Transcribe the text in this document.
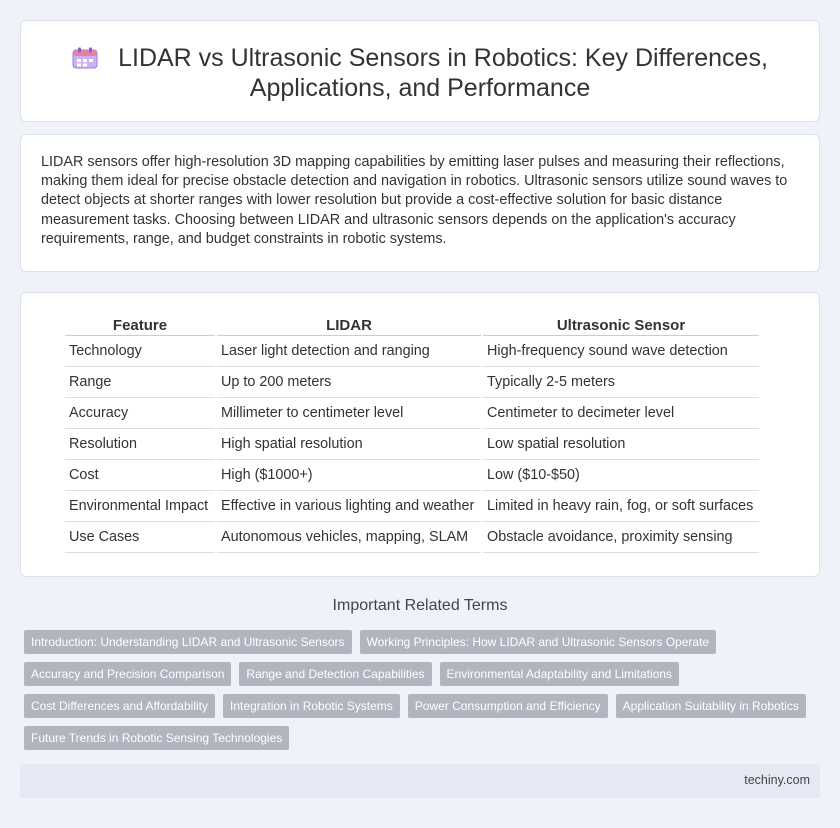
LIDAR vs Ultrasonic Sensors in Robotics: Key Differences, Applications, and Performance

LIDAR sensors offer high-resolution 3D mapping capabilities by emitting laser pulses and measuring their reflections, making them ideal for precise obstacle detection and navigation in robotics. Ultrasonic sensors utilize sound waves to detect objects at shorter ranges with lower resolution but provide a cost-effective solution for basic distance measurement tasks. Choosing between LIDAR and ultrasonic sensors depends on the application's accuracy requirements, range, and budget constraints in robotic systems.

Feature	LIDAR	Ultrasonic Sensor
Technology	Laser light detection and ranging	High-frequency sound wave detection
Range	Up to 200 meters	Typically 2-5 meters
Accuracy	Millimeter to centimeter level	Centimeter to decimeter level
Resolution	High spatial resolution	Low spatial resolution
Cost	High ($1000+)	Low ($10-$50)
Environmental Impact	Effective in various lighting and weather	Limited in heavy rain, fog, or soft surfaces
Use Cases	Autonomous vehicles, mapping, SLAM	Obstacle avoidance, proximity sensing
Important Related Terms
Introduction: Understanding LIDAR and Ultrasonic Sensors	Working Principles: How LIDAR and Ultrasonic Sensors Operate
Accuracy and Precision Comparison	Range and Detection Capabilities	Environmental Adaptability and Limitations
Cost Differences and Affordability	Integration in Robotic Systems	Power Consumption and Efficiency	Application Suitability in Robotics
Future Trends in Robotic Sensing Technologies
techiny.com
